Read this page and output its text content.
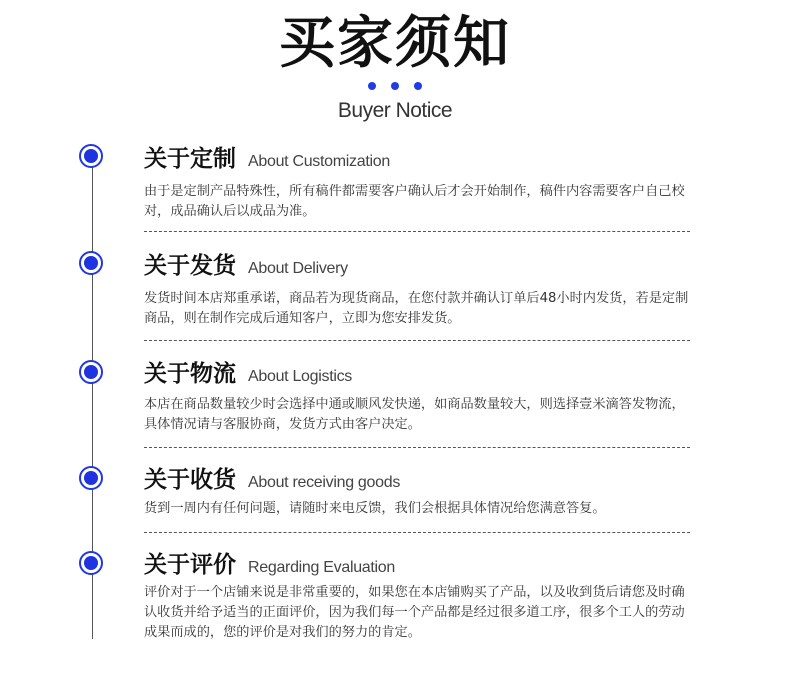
买家须知
Buyer Notice
关于定制 About Customization
由于是定制产品特殊性，所有稿件都需要客户确认后才会开始制作，稿件内容需要客户自己校对，成品确认后以成品为准。
关于发货 About Delivery
发货时间本店郑重承诺，商品若为现货商品，在您付款并确认订单后48小时内发货，若是定制商品，则在制作完成后通知客户，立即为您安排发货。
关于物流 About Logistics
本店在商品数量较少时会选择中通或顺风发快递，如商品数量较大，则选择壹米滴答发物流，具体情况请与客服协商，发货方式由客户决定。
关于收货 About receiving goods
货到一周内有任何问题，请随时来电反馈，我们会根据具体情况给您满意答复。
关于评价 Regarding Evaluation
评价对于一个店铺来说是非常重要的，如果您在本店铺购买了产品，以及收到货后请您及时确认收货并给予适当的正面评价，因为我们每一个产品都是经过很多道工序，很多个工人的劳动成果而成的，您的评价是对我们的努力的肯定。
